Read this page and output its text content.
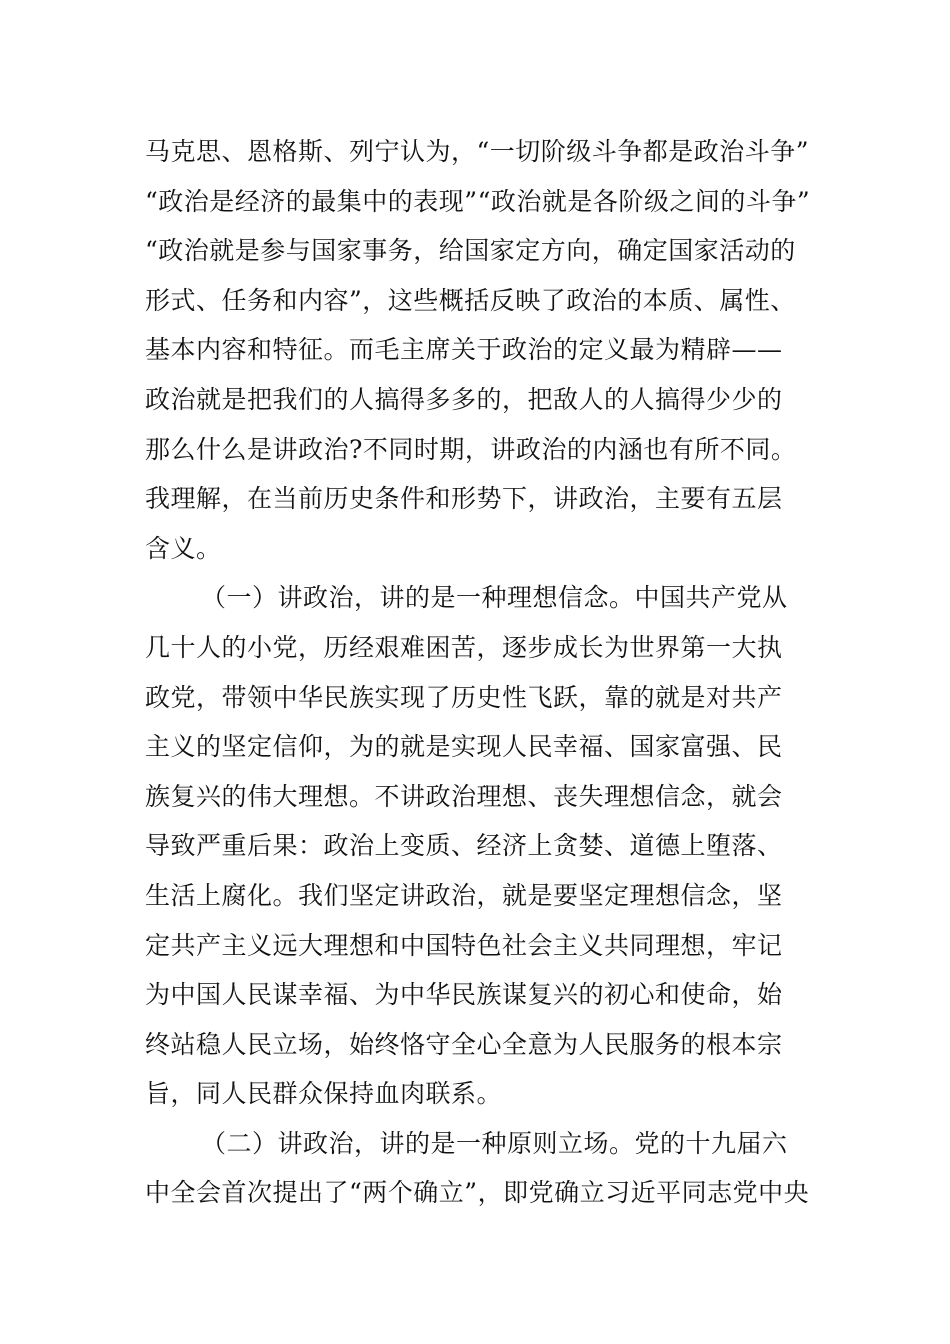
马克思、恩格斯、列宁认为，“一切阶级斗争都是政治斗争”
“政治是经济的最集中的表现”“政治就是各阶级之间的斗争”
“政治就是参与国家事务，给国家定方向，确定国家活动的
形式、任务和内容”，这些概括反映了政治的本质、属性、
基本内容和特征。而毛主席关于政治的定义最为精辟——
政治就是把我们的人搞得多多的，把敌人的人搞得少少的
那么什么是讲政治?不同时期，讲政治的内涵也有所不同。
我理解，在当前历史条件和形势下，讲政治，主要有五层
含义。
（一）讲政治，讲的是一种理想信念。中国共产党从
几十人的小党，历经艰难困苦，逐步成长为世界第一大执
政党，带领中华民族实现了历史性飞跃，靠的就是对共产
主义的坚定信仰，为的就是实现人民幸福、国家富强、民
族复兴的伟大理想。不讲政治理想、丧失理想信念，就会
导致严重后果：政治上变质、经济上贪婪、道德上堕落、
生活上腐化。我们坚定讲政治，就是要坚定理想信念，坚
定共产主义远大理想和中国特色社会主义共同理想，牢记
为中国人民谋幸福、为中华民族谋复兴的初心和使命，始
终站稳人民立场，始终恪守全心全意为人民服务的根本宗
旨，同人民群众保持血肉联系。
（二）讲政治，讲的是一种原则立场。党的十九届六
中全会首次提出了“两个确立”，即党确立习近平同志党中央
